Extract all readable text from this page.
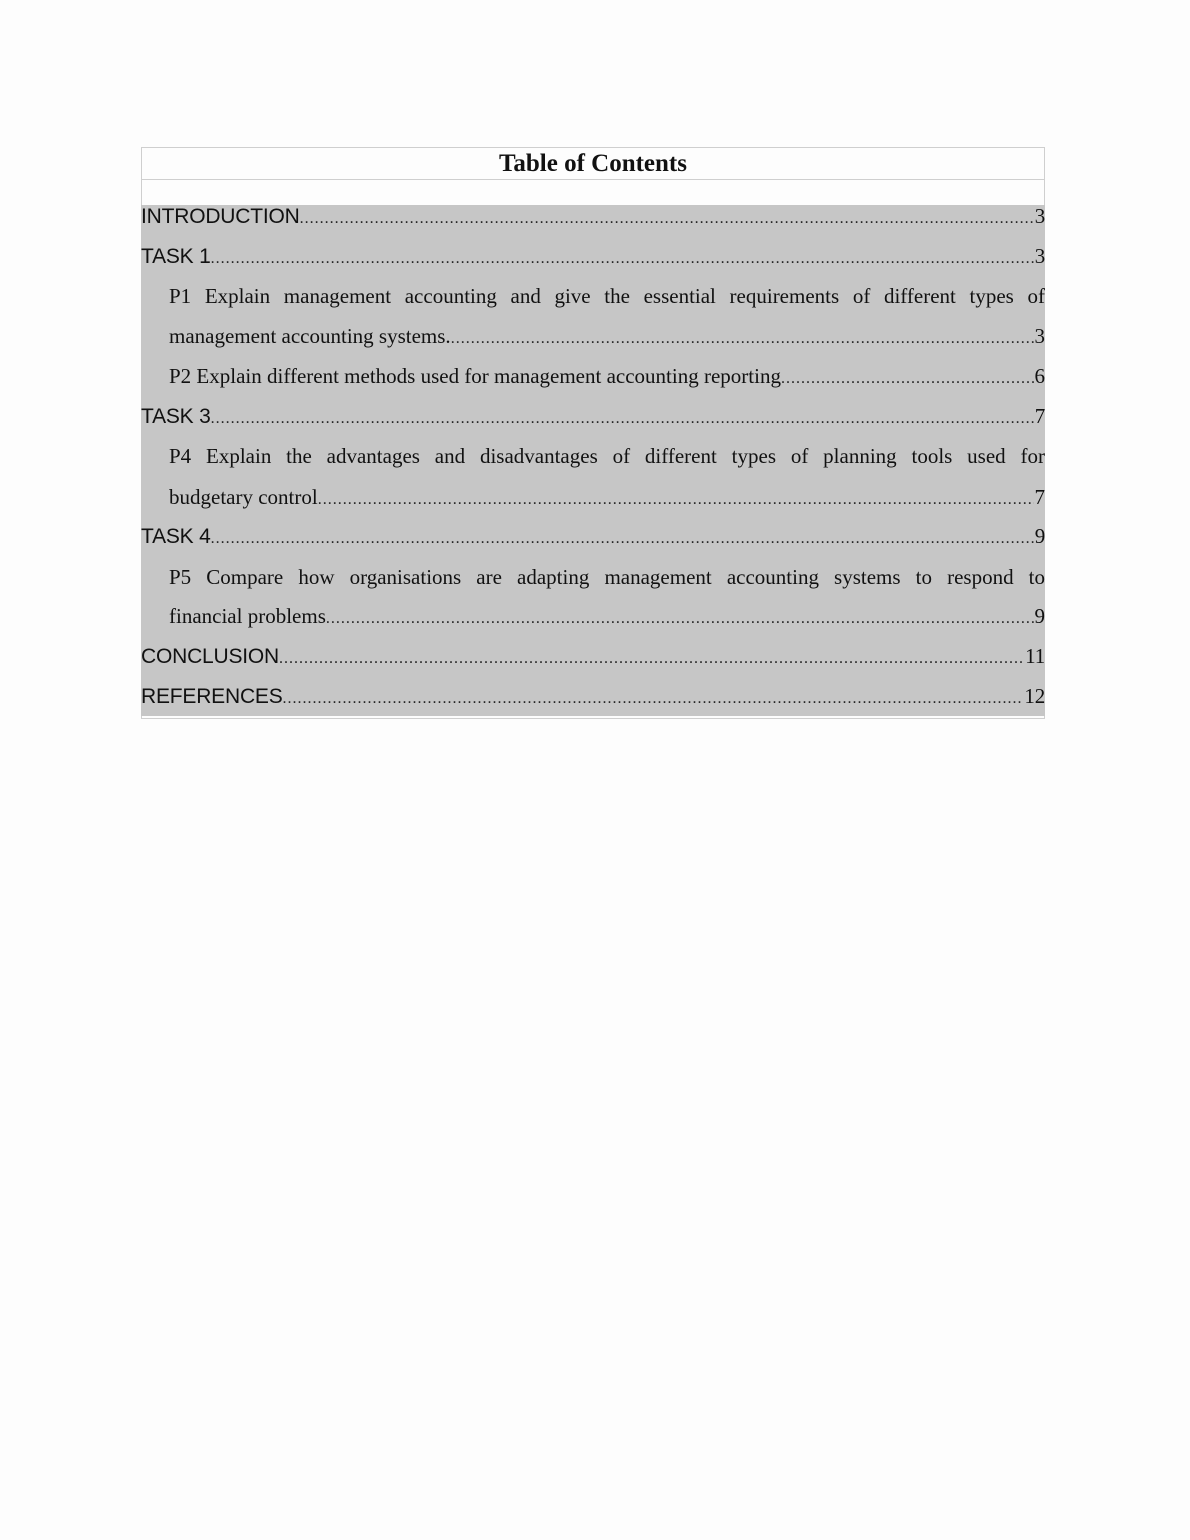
Table of Contents
INTRODUCTION .....	3
TASK 1 .....	3
P1 Explain management accounting and give the essential requirements of different types of
management accounting systems. .....	3
P2 Explain different methods used for management accounting reporting .....	6
TASK 3 .....	7
P4 Explain the advantages and disadvantages of different types of planning tools used for
budgetary control .....	7
TASK 4 .....	9
P5 Compare how organisations are adapting management accounting systems to respond to
financial problems .....	9
CONCLUSION .....	11
REFERENCES .....	12
